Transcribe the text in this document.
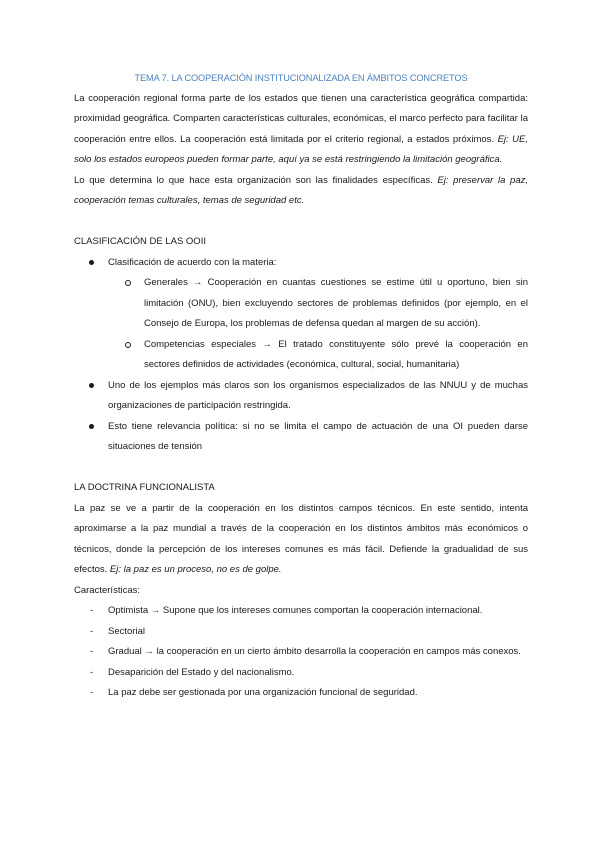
TEMA 7. LA COOPERACIÓN INSTITUCIONALIZADA EN ÁMBITOS CONCRETOS

La cooperación regional forma parte de los estados que tienen una característica geográfica compartida: proximidad geográfica. Comparten características culturales, económicas, el marco perfecto para facilitar la cooperación entre ellos. La cooperación está limitada por el criterio regional, a estados próximos. Ej: UE, solo los estados europeos pueden formar parte, aquí ya se está restringiendo la limitación geográfica.

Lo que determina lo que hace esta organización son las finalidades específicas. Ej: preservar la paz, cooperación temas culturales, temas de seguridad etc.

CLASIFICACIÓN DE LAS OOII

Clasificación de acuerdo con la materia:
Generales → Cooperación en cuantas cuestiones se estime útil u oportuno, bien sin limitación (ONU), bien excluyendo sectores de problemas definidos (por ejemplo, en el Consejo de Europa, los problemas de defensa quedan al margen de su acción).
Competencias especiales → El tratado constituyente sólo prevé la cooperación en sectores definidos de actividades (económica, cultural, social, humanitaria)
Uno de los ejemplos más claros son los organismos especializados de las NNUU y de muchas organizaciones de participación restringida.
Esto tiene relevancia política: si no se limita el campo de actuación de una OI pueden darse situaciones de tensión

LA DOCTRINA FUNCIONALISTA

La paz se ve a partir de la cooperación en los distintos campos técnicos. En este sentido, intenta aproximarse a la paz mundial a través de la cooperación en los distintos ámbitos más económicos o técnicos, donde la percepción de los intereses comunes es más fácil. Defiende la gradualidad de sus efectos. Ej: la paz es un proceso, no es de golpe.

Características:

- Optimista → Supone que los intereses comunes comportan la cooperación internacional.
- Sectorial
- Gradual → la cooperación en un cierto ámbito desarrolla la cooperación en campos más conexos.
- Desaparición del Estado y del nacionalismo.
- La paz debe ser gestionada por una organización funcional de seguridad.
